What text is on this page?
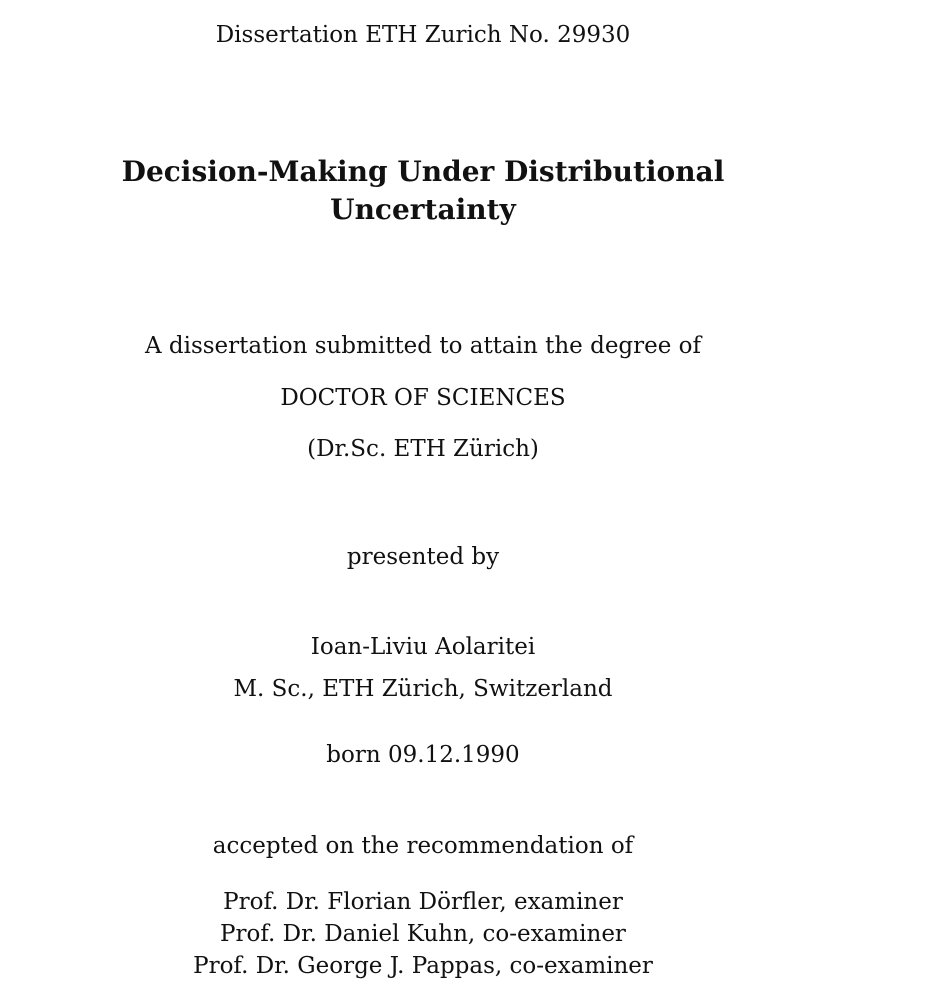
Dissertation ETH Zurich No. 29930
Decision-Making Under Distributional
Uncertainty
A dissertation submitted to attain the degree of
DOCTOR OF SCIENCES
(Dr.Sc. ETH Zürich)
presented by
Ioan-Liviu Aolaritei
M. Sc., ETH Zürich, Switzerland
born 09.12.1990
accepted on the recommendation of
Prof. Dr. Florian Dörfler, examiner
Prof. Dr. Daniel Kuhn, co-examiner
Prof. Dr. George J. Pappas, co-examiner
